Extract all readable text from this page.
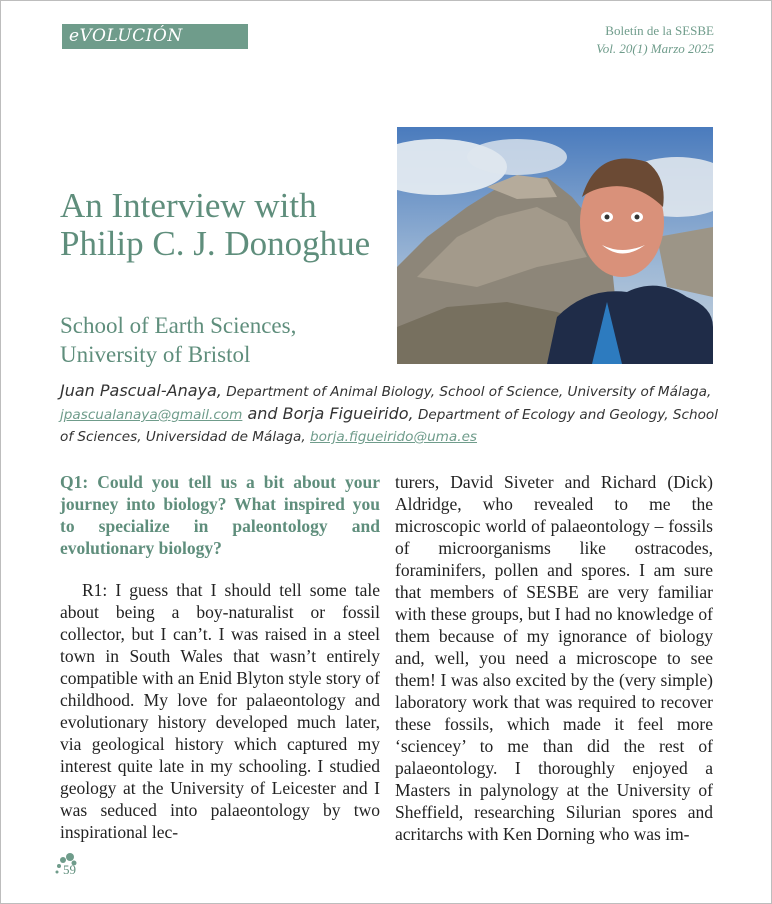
eVOLUCIÓN	Boletín de la SESBE
Vol. 20(1) Marzo 2025
An Interview with Philip C. J. Donoghue
School of Earth Sciences, University of Bristol
Juan Pascual-Anaya, Department of Animal Biology, School of Science, University of Málaga, jpascualanaya@gmail.com and Borja Figueirido, Department of Ecology and Geology, School of Sciences, Universidad de Málaga, borja.figueirido@uma.es

Q1: Could you tell us a bit about your journey into biology? What inspired you to specialize in paleontology and evolutionary biology?

R1: I guess that I should tell some tale about being a boy-naturalist or fossil collector, but I can’t. I was raised in a steel town in South Wales that wasn’t entirely compatible with an Enid Blyton style story of childhood. My love for palaeontology and evolutionary history developed much later, via geological history which captured my interest quite late in my schooling. I studied geology at the University of Leicester and I was seduced into palaeontology by two inspirational lec-

turers, David Siveter and Richard (Dick) Aldridge, who revealed to me the microscopic world of palaeontology – fossils of microorganisms like ostracodes, foraminifers, pollen and spores. I am sure that members of SESBE are very familiar with these groups, but I had no knowledge of them because of my ignorance of biology and, well, you need a microscope to see them! I was also excited by the (very simple) laboratory work that was required to recover these fossils, which made it feel more ‘sciencey’ to me than did the rest of palaeontology. I thoroughly enjoyed a Masters in palynology at the University of Sheffield, researching Silurian spores and acritarchs with Ken Dorning who was im-

59
